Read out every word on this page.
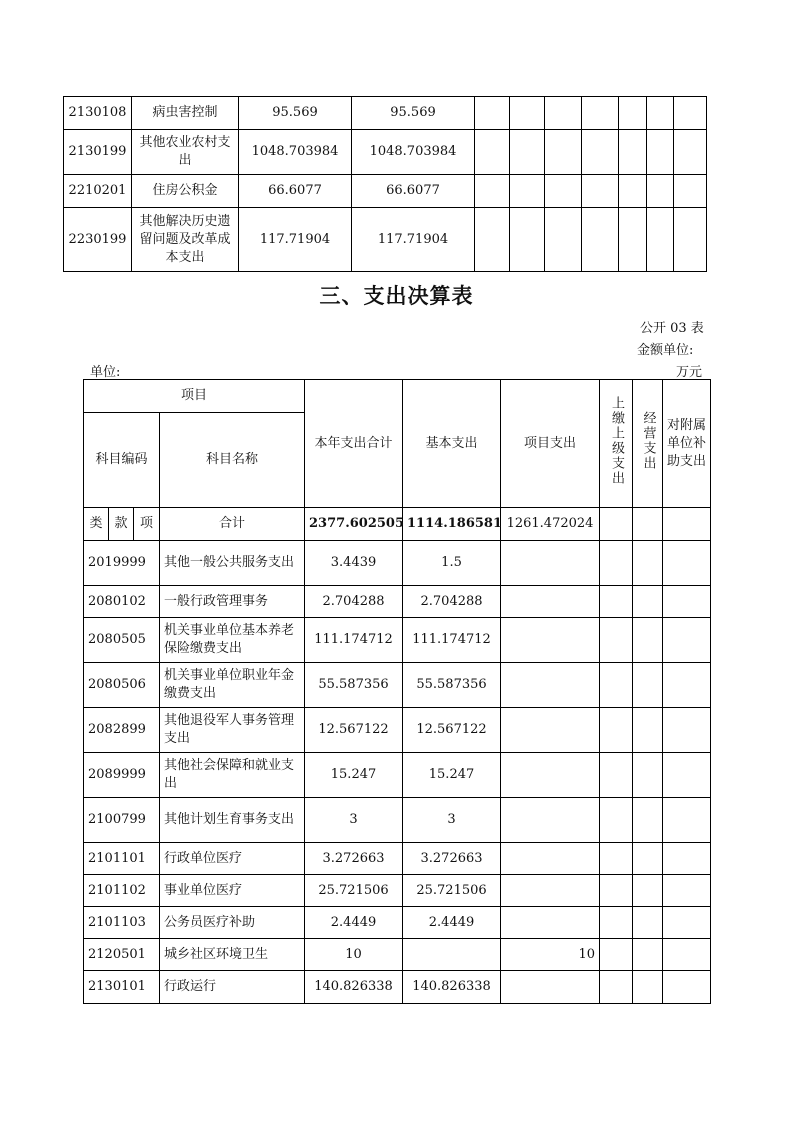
2130108	病虫害控制	95.569	95.569							
2130199	其他农业农村支出	1048.703984	1048.703984							
2210201	住房公积金	66.6077	66.6077							
2230199	其他解决历史遗留问题及改革成本支出	117.71904	117.71904							
三、支出决算表
公开 03 表
金额单位:
单位:	万元
项目				本年支出合计	基本支出	项目支出	上缴上级支出	经营支出	对附属单位补助支出
科目编码			科目名称						
类	款	项	合计	2377.602505	1114.186581	1261.472024			
2019999			其他一般公共服务支出	3.4439	1.5				
2080102			一般行政管理事务	2.704288	2.704288				
2080505			机关事业单位基本养老保险缴费支出	111.174712	111.174712				
2080506			机关事业单位职业年金缴费支出	55.587356	55.587356				
2082899			其他退役军人事务管理支出	12.567122	12.567122				
2089999			其他社会保障和就业支出	15.247	15.247				
2100799			其他计划生育事务支出	3	3				
2101101			行政单位医疗	3.272663	3.272663				
2101102			事业单位医疗	25.721506	25.721506				
2101103			公务员医疗补助	2.4449	2.4449				
2120501			城乡社区环境卫生	10		10			
2130101			行政运行	140.826338	140.826338				
